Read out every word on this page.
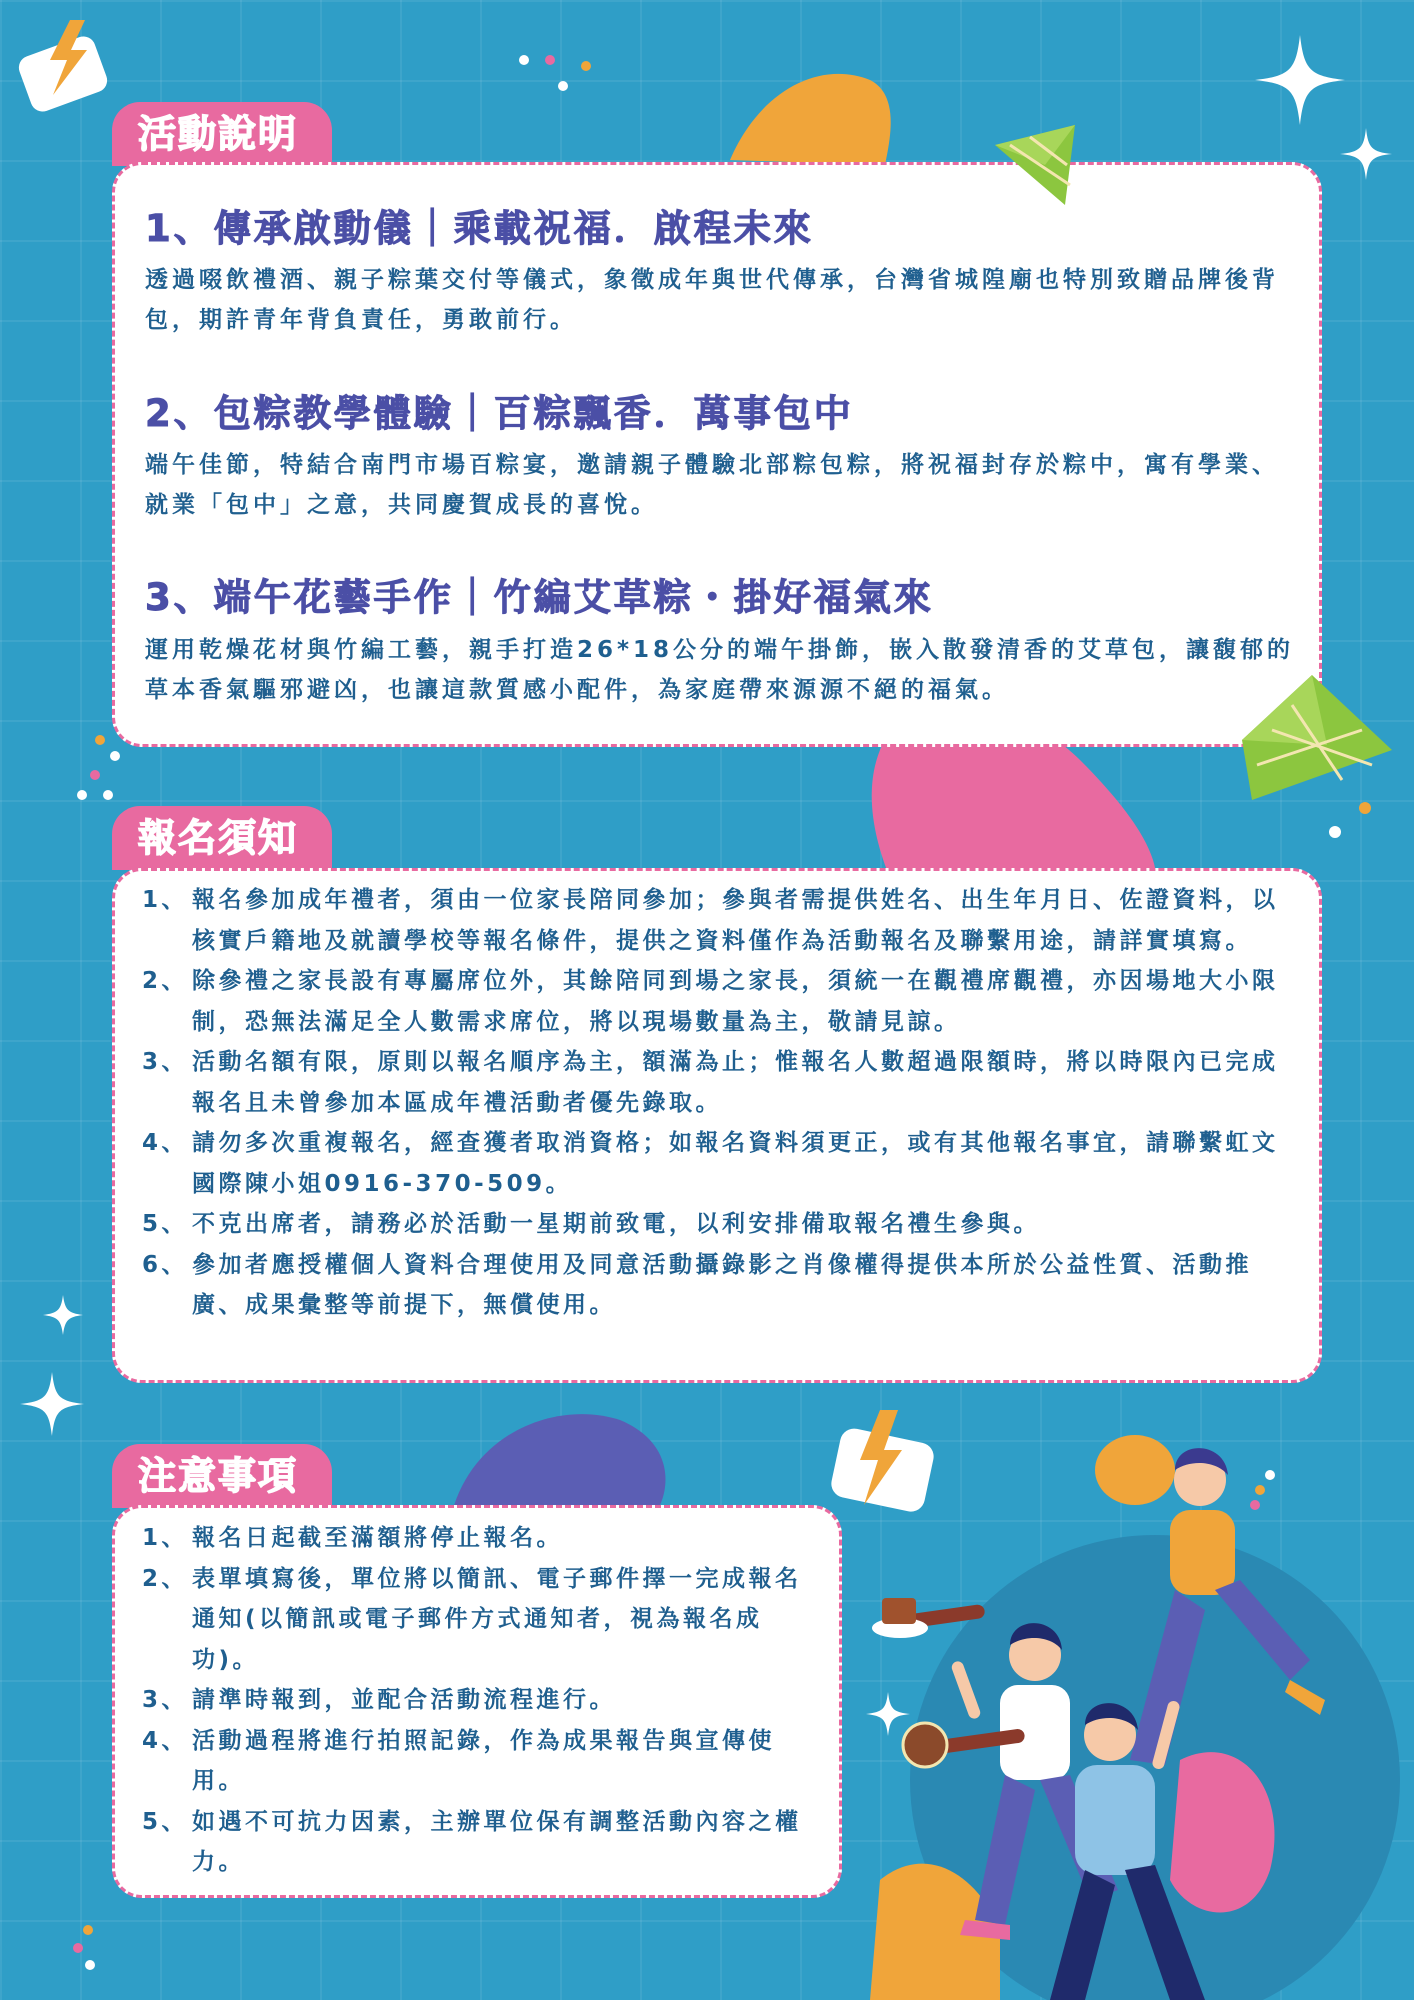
活動說明
1、傳承啟動儀｜乘載祝福．啟程未來

透過啜飲禮酒、親子粽葉交付等儀式，象徵成年與世代傳承，台灣省城隍廟也特別致贈品牌後背包，期許青年背負責任，勇敢前行。

2、包粽教學體驗｜百粽飄香．萬事包中

端午佳節，特結合南門市場百粽宴，邀請親子體驗北部粽包粽，將祝福封存於粽中，寓有學業、就業「包中」之意，共同慶賀成長的喜悅。

3、端午花藝手作｜竹編艾草粽・掛好福氣來

運用乾燥花材與竹編工藝，親手打造26*18公分的端午掛飾，嵌入散發清香的艾草包，讓馥郁的草本香氣驅邪避凶，也讓這款質感小配件，為家庭帶來源源不絕的福氣。

報名須知
1、 報名參加成年禮者，須由一位家長陪同參加；參與者需提供姓名、出生年月日、佐證資料，以核實戶籍地及就讀學校等報名條件，提供之資料僅作為活動報名及聯繫用途，請詳實填寫。
2、 除參禮之家長設有專屬席位外，其餘陪同到場之家長，須統一在觀禮席觀禮，亦因場地大小限制，恐無法滿足全人數需求席位，將以現場數量為主，敬請見諒。
3、 活動名額有限，原則以報名順序為主，額滿為止；惟報名人數超過限額時，將以時限內已完成報名且未曾參加本區成年禮活動者優先錄取。
4、 請勿多次重複報名，經查獲者取消資格；如報名資料須更正，或有其他報名事宜，請聯繫虹文國際陳小姐0916-370-509。
5、 不克出席者，請務必於活動一星期前致電，以利安排備取報名禮生參與。
6、 參加者應授權個人資料合理使用及同意活動攝錄影之肖像權得提供本所於公益性質、活動推廣、成果彙整等前提下，無償使用。
注意事項
1、 報名日起截至滿額將停止報名。
2、 表單填寫後，單位將以簡訊、電子郵件擇一完成報名通知(以簡訊或電子郵件方式通知者，視為報名成功)。
3、 請準時報到，並配合活動流程進行。
4、 活動過程將進行拍照記錄，作為成果報告與宣傳使用。
5、 如遇不可抗力因素，主辦單位保有調整活動內容之權力。
